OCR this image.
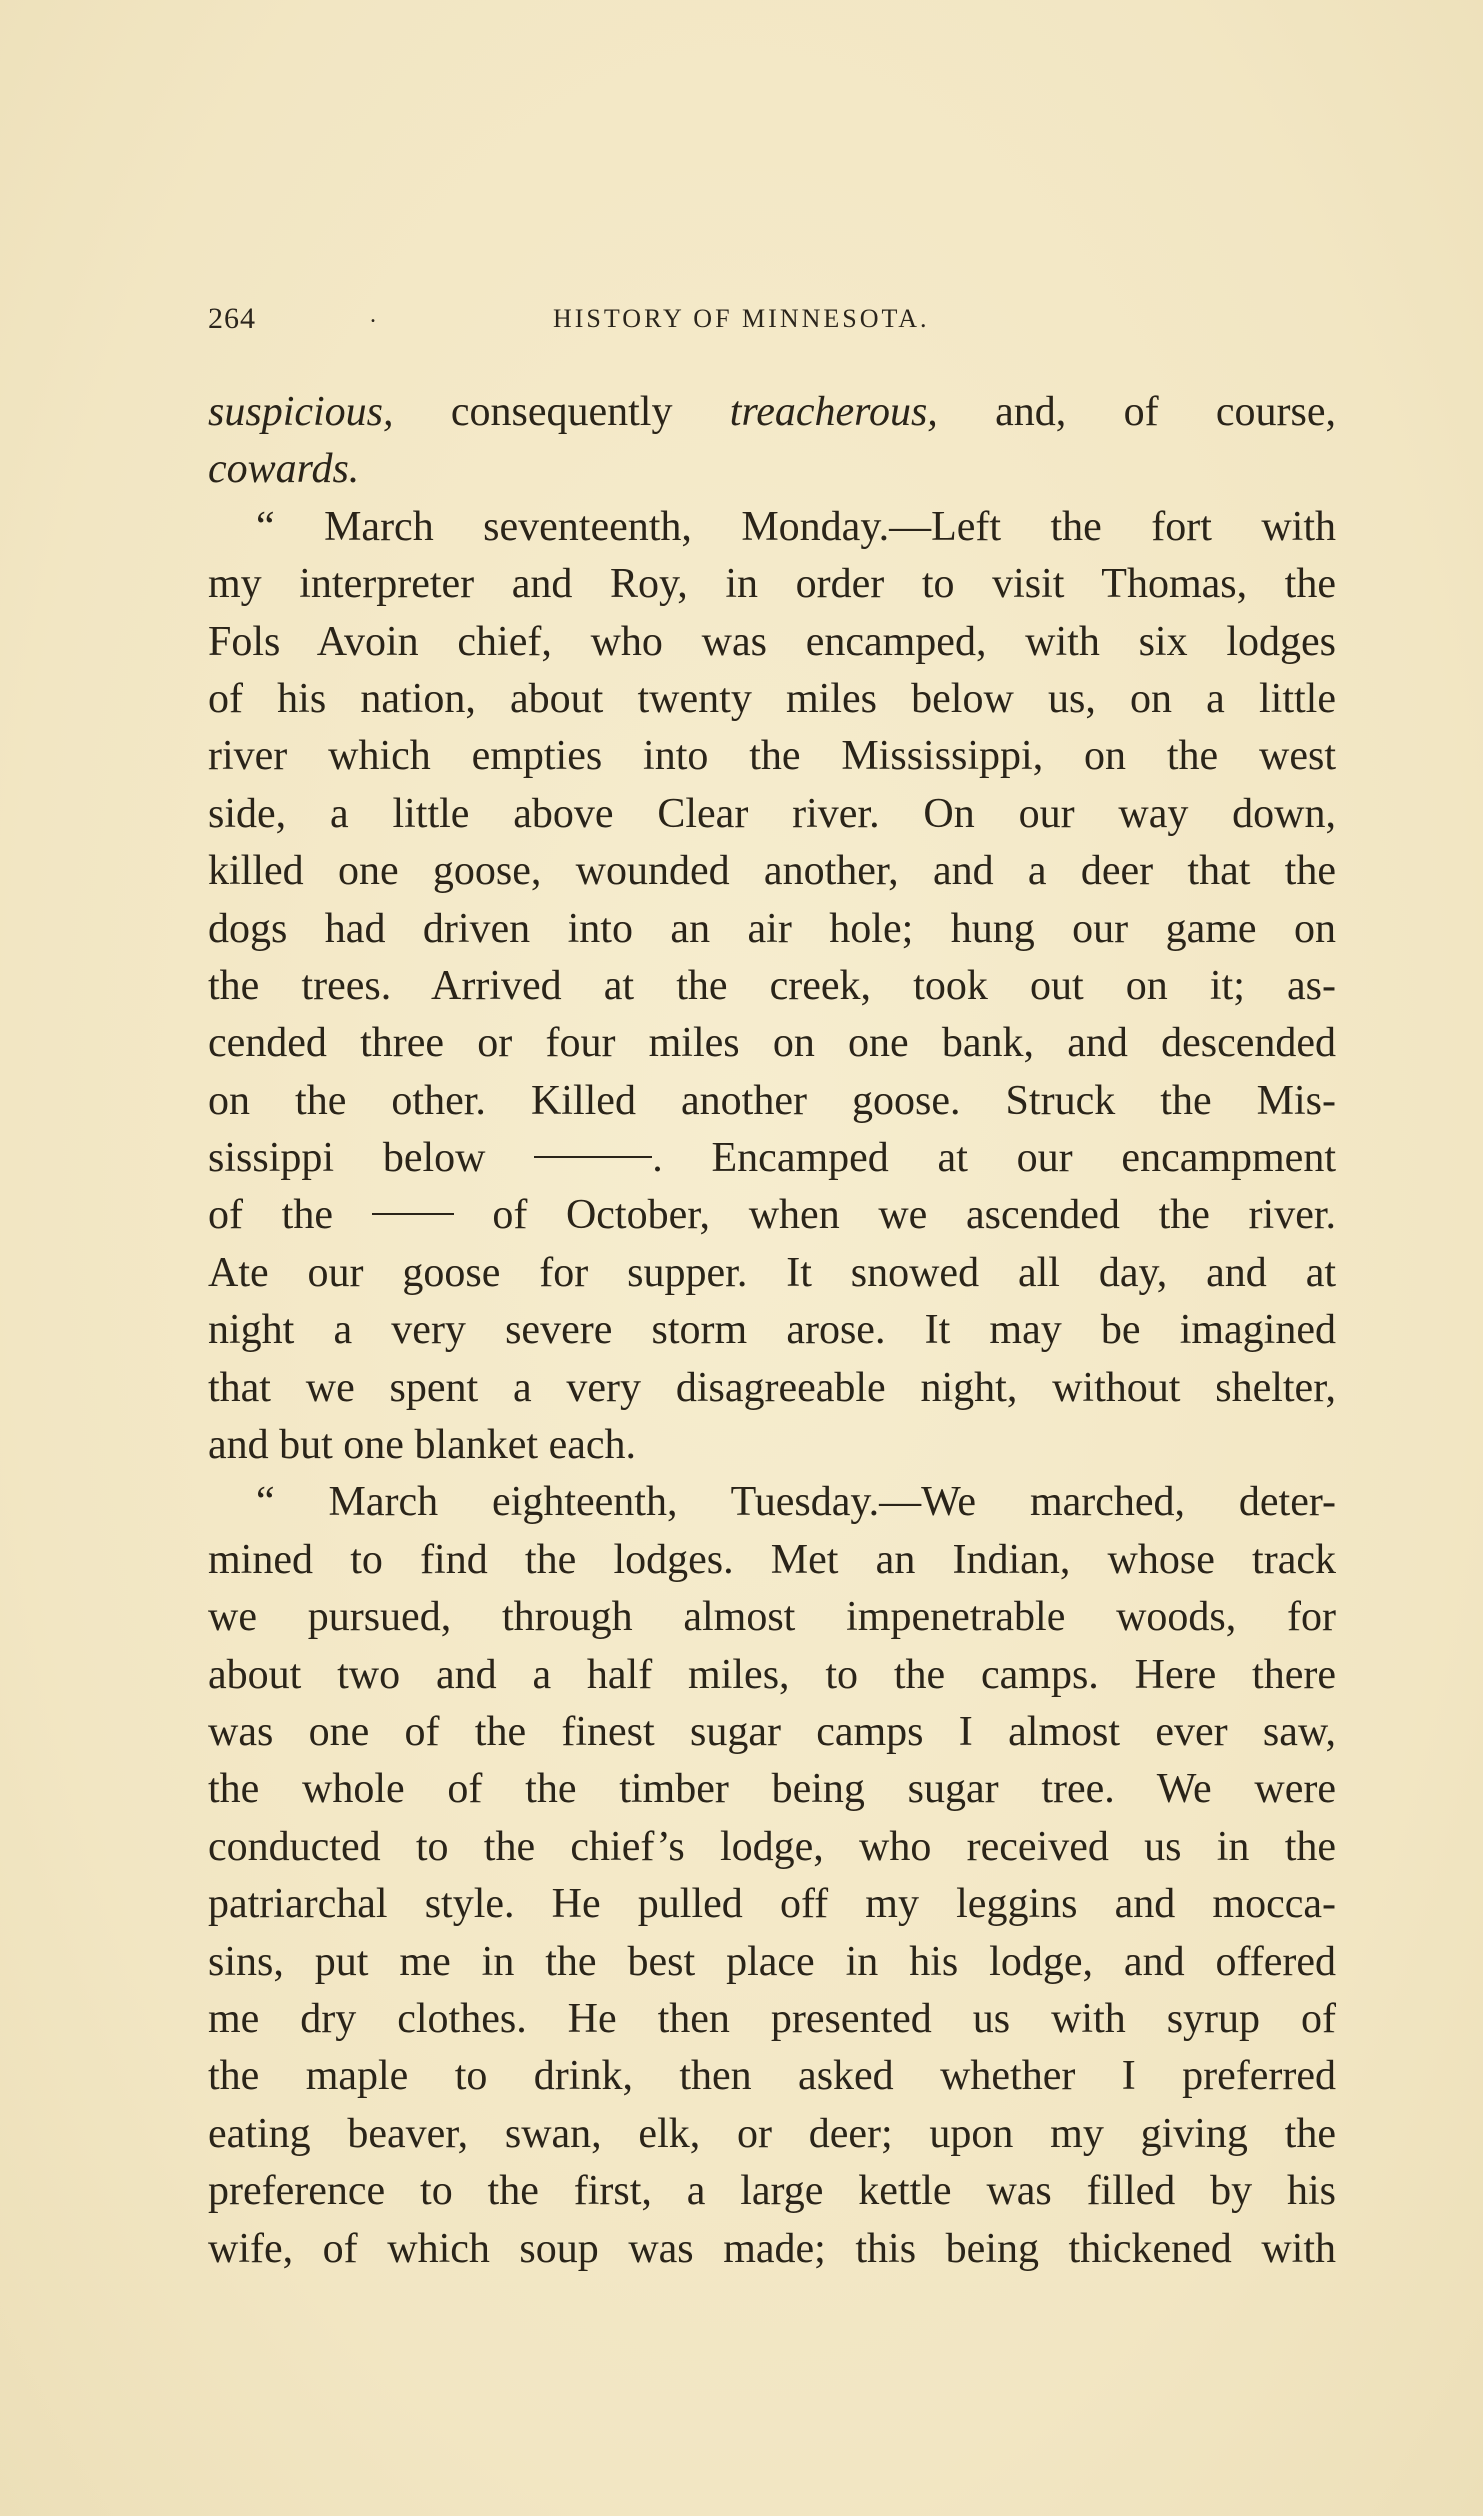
264	.	HISTORY OF MINNESOTA.
suspicious, consequently treacherous, and, of course,
cowards.
“ March seventeenth, Monday.—Left the fort with
my interpreter and Roy, in order to visit Thomas, the
Fols Avoin chief, who was encamped, with six lodges
of his nation, about twenty miles below us, on a little
river which empties into the Mississippi, on the west
side, a little above Clear river. On our way down,
killed one goose, wounded another, and a deer that the
dogs had driven into an air hole; hung our game on
the trees. Arrived at the creek, took out on it; as-
cended three or four miles on one bank, and descended
on the other. Killed another goose. Struck the Mis-
sissippi below	. Encamped at our encampment
of the	of October, when we ascended the river.
Ate our goose for supper. It snowed all day, and at
night a very severe storm arose. It may be imagined
that we spent a very disagreeable night, without shelter,
and but one blanket each.
“ March eighteenth, Tuesday.—We marched, deter-
mined to find the lodges. Met an Indian, whose track
we pursued, through almost impenetrable woods, for
about two and a half miles, to the camps. Here there
was one of the finest sugar camps I almost ever saw,
the whole of the timber being sugar tree. We were
conducted to the chief’s lodge, who received us in the
patriarchal style. He pulled off my leggins and mocca-
sins, put me in the best place in his lodge, and offered
me dry clothes. He then presented us with syrup of
the maple to drink, then asked whether I preferred
eating beaver, swan, elk, or deer; upon my giving the
preference to the first, a large kettle was filled by his
wife, of which soup was made; this being thickened with
